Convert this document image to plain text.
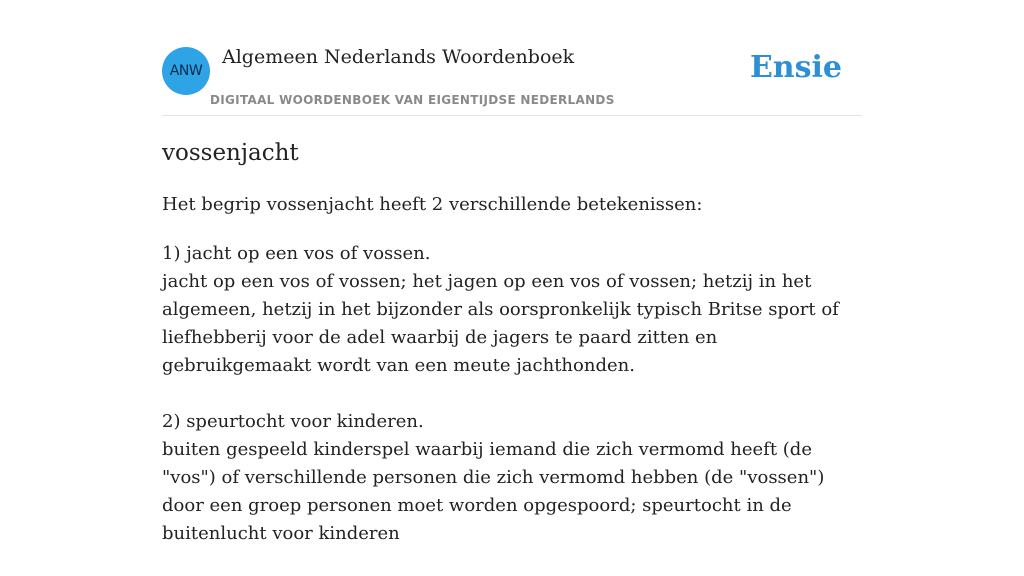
ANW
Algemeen Nederlands Woordenboek
DIGITAAL WOORDENBOEK VAN EIGENTIJDSE NEDERLANDS
Ensie
vossenjacht

Het begrip vossenjacht heeft 2 verschillende betekenissen:

1) jacht op een vos of vossen.
jacht op een vos of vossen; het jagen op een vos of vossen; hetzij in het algemeen, hetzij in het bijzonder als oorspronkelijk typisch Britse sport of liefhebberij voor de adel waarbij de jagers te paard zitten en gebruikgemaakt wordt van een meute jachthonden.
2) speurtocht voor kinderen.
buiten gespeeld kinderspel waarbij iemand die zich vermomd heeft (de "vos") of verschillende personen die zich vermomd hebben (de "vossen") door een groep personen moet worden opgespoord; speurtocht in de buitenlucht voor kinderen
